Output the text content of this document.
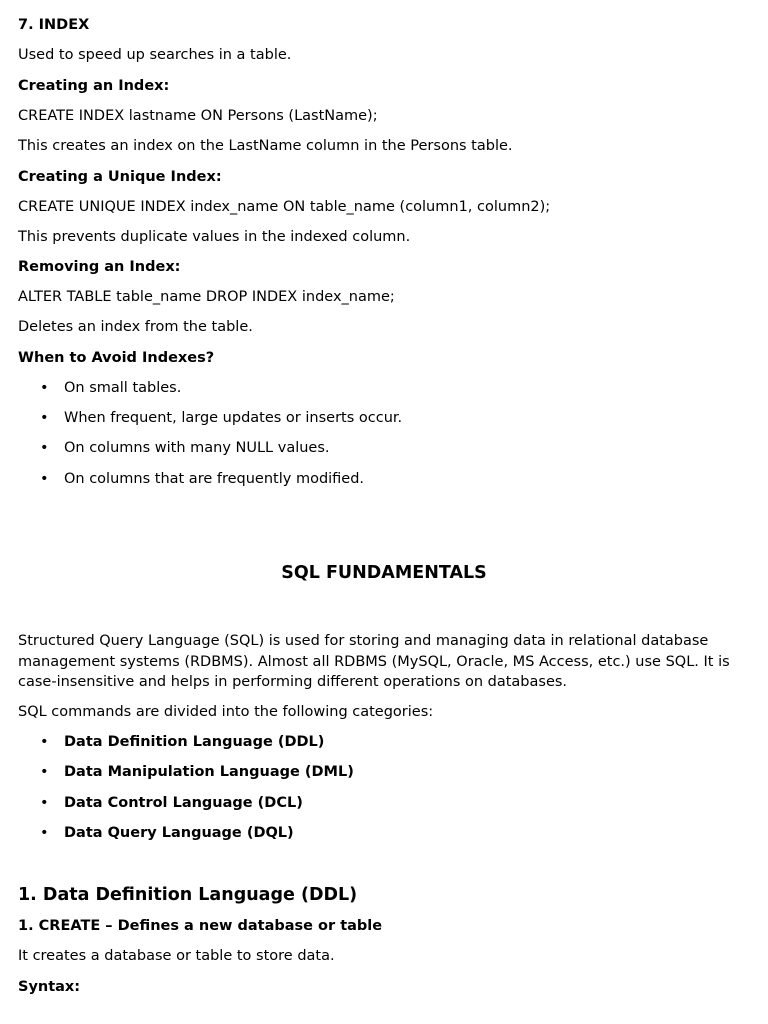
7. INDEX
Used to speed up searches in a table.
Creating an Index:
CREATE INDEX lastname ON Persons (LastName);
This creates an index on the LastName column in the Persons table.
Creating a Unique Index:
CREATE UNIQUE INDEX index_name ON table_name (column1, column2);
This prevents duplicate values in the indexed column.
Removing an Index:
ALTER TABLE table_name DROP INDEX index_name;
Deletes an index from the table.
When to Avoid Indexes?
• On small tables.
• When frequent, large updates or inserts occur.
• On columns with many NULL values.
• On columns that are frequently modified.
SQL FUNDAMENTALS
Structured Query Language (SQL) is used for storing and managing data in relational database management systems (RDBMS). Almost all RDBMS (MySQL, Oracle, MS Access, etc.) use SQL. It is case-insensitive and helps in performing different operations on databases.
SQL commands are divided into the following categories:
• Data Definition Language (DDL)
• Data Manipulation Language (DML)
• Data Control Language (DCL)
• Data Query Language (DQL)
1. Data Definition Language (DDL)
1. CREATE – Defines a new database or table
It creates a database or table to store data.
Syntax:
